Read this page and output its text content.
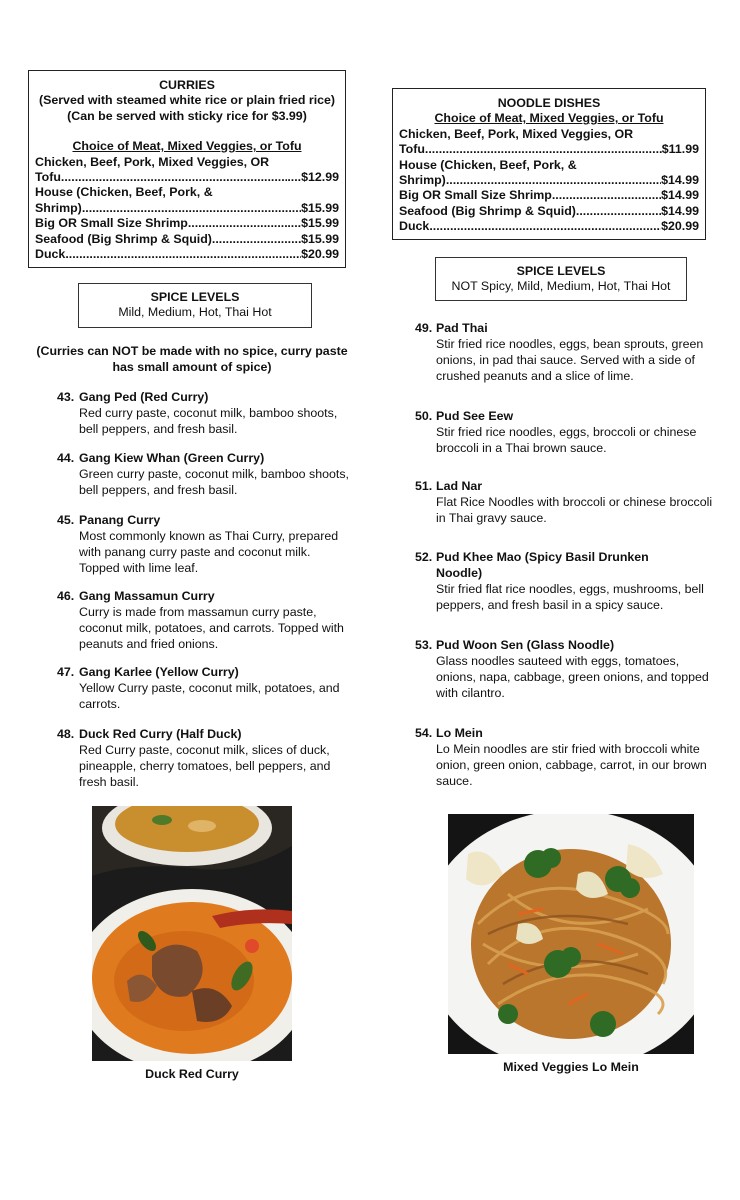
CURRIES
(Served with steamed white rice or plain fried rice) (Can be served with sticky rice for $3.99)
Choice of Meat, Mixed Veggies, or Tofu
Chicken, Beef, Pork, Mixed Veggies, OR
Tofu .....	....$12.99
House (Chicken, Beef, Pork, &
Shrimp) .....	$15.99
Big OR Small Size Shrimp .....	....$15.99
Seafood (Big Shrimp & Squid) .....	$15.99
Duck .....	$20.99
NOODLE DISHES
Choice of Meat, Mixed Veggies, or Tofu
Chicken, Beef, Pork, Mixed Veggies, OR
Tofu .....	$11.99
House (Chicken, Beef, Pork, &
Shrimp) .....	$14.99
Big OR Small Size Shrimp .....	$14.99
Seafood (Big Shrimp & Squid) .....	$14.99
Duck .....	$20.99
SPICE LEVELS
Mild, Medium, Hot, Thai Hot
SPICE LEVELS
NOT Spicy, Mild, Medium, Hot, Thai Hot
(Curries can NOT be made with no spice, curry paste has small amount of spice)
43. Gang Ped (Red Curry)
Red curry paste, coconut milk, bamboo shoots, bell peppers, and fresh basil.
44. Gang Kiew Whan (Green Curry)
Green curry paste, coconut milk, bamboo shoots, bell peppers, and fresh basil.
45. Panang Curry
Most commonly known as Thai Curry, prepared with panang curry paste and coconut milk. Topped with lime leaf.
46. Gang Massamun Curry
Curry is made from massamun curry paste, coconut milk, potatoes, and carrots. Topped with peanuts and fried onions.
47. Gang Karlee (Yellow Curry)
Yellow Curry paste, coconut milk, potatoes, and carrots.
48. Duck Red Curry (Half Duck)
Red Curry paste, coconut milk, slices of duck, pineapple, cherry tomatoes, bell peppers, and fresh basil.
49. Pad Thai
Stir fried rice noodles, eggs, bean sprouts, green onions, in pad thai sauce. Served with a side of crushed peanuts and a slice of lime.
50. Pud See Eew
Stir fried rice noodles, eggs, broccoli or chinese broccoli in a Thai brown sauce.
51. Lad Nar
Flat Rice Noodles with broccoli or chinese broccoli in Thai gravy sauce.
52. Pud Khee Mao (Spicy Basil Drunken Noodle)
Stir fried flat rice noodles, eggs, mushrooms, bell peppers, and fresh basil in a spicy sauce.
53. Pud Woon Sen (Glass Noodle)
Glass noodles sauteed with eggs, tomatoes, onions, napa, cabbage, green onions, and topped with cilantro.
54. Lo Mein
Lo Mein noodles are stir fried with broccoli white onion, green onion, cabbage, carrot, in our brown sauce.
Duck Red Curry	Mixed Veggies Lo Mein
